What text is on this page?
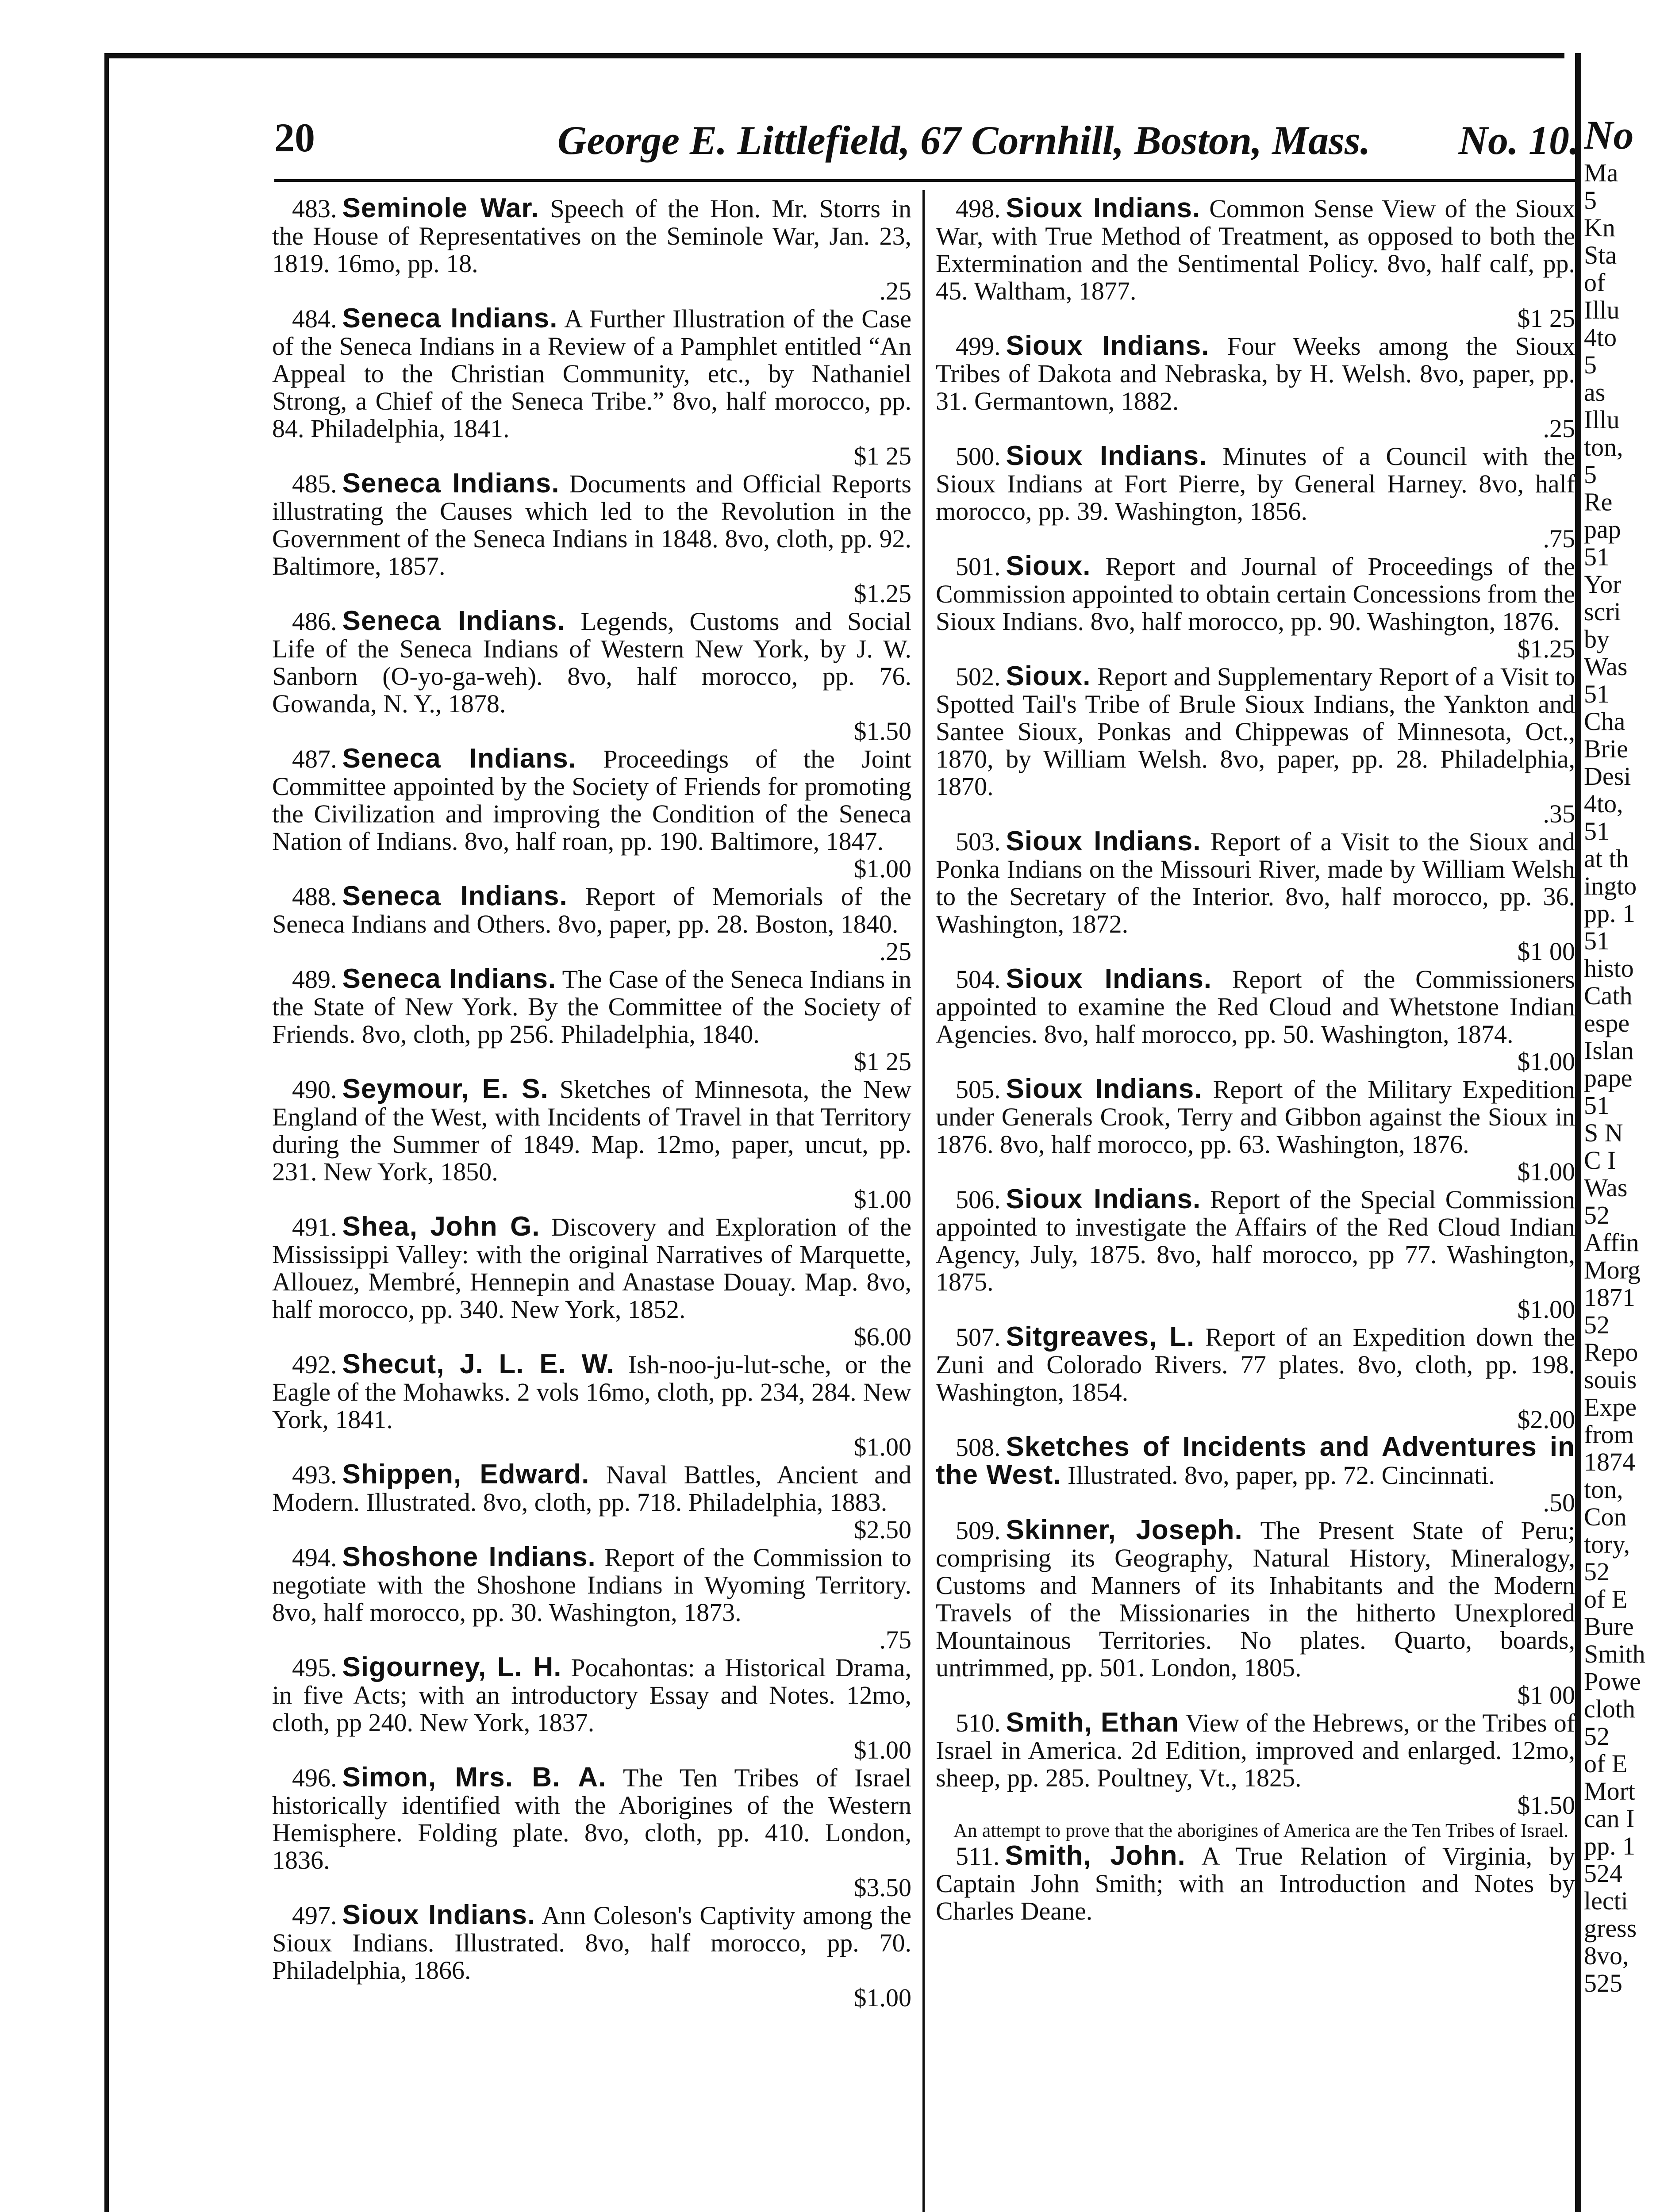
20	George E. Littlefield, 67 Cornhill, Boston, Mass. No. 10.

483. Seminole War. Speech of the Hon. Mr. Storrs in the House of Representatives on the Seminole War, Jan. 23, 1819. 16mo, pp. 18.
.25

484. Seneca Indians. A Further Illustration of the Case of the Seneca Indians in a Review of a Pamphlet entitled “An Appeal to the Christian Community, etc., by Nathaniel Strong, a Chief of the Seneca Tribe.” 8vo, half morocco, pp. 84. Philadelphia, 1841.
$1 25

485. Seneca Indians. Documents and Official Reports illustrating the Causes which led to the Revolution in the Government of the Seneca Indians in 1848. 8vo, cloth, pp. 92. Baltimore, 1857.
$1.25

486. Seneca Indians. Legends, Customs and Social Life of the Seneca Indians of Western New York, by J. W. Sanborn (O-yo-ga-weh). 8vo, half morocco, pp. 76. Gowanda, N. Y., 1878.
$1.50

487. Seneca Indians. Proceedings of the Joint Committee appointed by the Society of Friends for promoting the Civilization and improving the Condition of the Seneca Nation of Indians. 8vo, half roan, pp. 190. Baltimore, 1847.
$1.00

488. Seneca Indians. Report of Memorials of the Seneca Indians and Others. 8vo, paper, pp. 28. Boston, 1840.
.25

489. Seneca Indians. The Case of the Seneca Indians in the State of New York. By the Committee of the Society of Friends. 8vo, cloth, pp 256. Philadelphia, 1840.
$1 25

490. Seymour, E. S. Sketches of Minnesota, the New England of the West, with Incidents of Travel in that Territory during the Summer of 1849. Map. 12mo, paper, uncut, pp. 231. New York, 1850.
$1.00

491. Shea, John G. Discovery and Exploration of the Mississippi Valley: with the original Narratives of Marquette, Allouez, Membré, Hennepin and Anastase Douay. Map. 8vo, half morocco, pp. 340. New York, 1852.
$6.00

492. Shecut, J. L. E. W. Ish-noo-ju-lut-sche, or the Eagle of the Mohawks. 2 vols 16mo, cloth, pp. 234, 284. New York, 1841.
$1.00

493. Shippen, Edward. Naval Battles, Ancient and Modern. Illustrated. 8vo, cloth, pp. 718. Philadelphia, 1883.
$2.50

494. Shoshone Indians. Report of the Commission to negotiate with the Shoshone Indians in Wyoming Territory. 8vo, half morocco, pp. 30. Washington, 1873.
.75

495. Sigourney, L. H. Pocahontas: a Historical Drama, in five Acts; with an introductory Essay and Notes. 12mo, cloth, pp 240. New York, 1837.
$1.00

496. Simon, Mrs. B. A. The Ten Tribes of Israel historically identified with the Aborigines of the Western Hemisphere. Folding plate. 8vo, cloth, pp. 410. London, 1836.
$3.50

497. Sioux Indians. Ann Coleson's Captivity among the Sioux Indians. Illustrated. 8vo, half morocco, pp. 70. Philadelphia, 1866.
$1.00

498. Sioux Indians. Common Sense View of the Sioux War, with True Method of Treatment, as opposed to both the Extermination and the Sentimental Policy. 8vo, half calf, pp. 45. Waltham, 1877.
$1 25

499. Sioux Indians. Four Weeks among the Sioux Tribes of Dakota and Nebraska, by H. Welsh. 8vo, paper, pp. 31. Germantown, 1882.
.25

500. Sioux Indians. Minutes of a Council with the Sioux Indians at Fort Pierre, by General Harney. 8vo, half morocco, pp. 39. Washington, 1856.
.75

501. Sioux. Report and Journal of Proceedings of the Commission appointed to obtain certain Concessions from the Sioux Indians. 8vo, half morocco, pp. 90. Washington, 1876.
$1.25

502. Sioux. Report and Supplementary Report of a Visit to Spotted Tail's Tribe of Brule Sioux Indians, the Yankton and Santee Sioux, Ponkas and Chippewas of Minnesota, Oct., 1870, by William Welsh. 8vo, paper, pp. 28. Philadelphia, 1870.
.35

503. Sioux Indians. Report of a Visit to the Sioux and Ponka Indians on the Missouri River, made by William Welsh to the Secretary of the Interior. 8vo, half morocco, pp. 36. Washington, 1872.
$1 00

504. Sioux Indians. Report of the Commissioners appointed to examine the Red Cloud and Whetstone Indian Agencies. 8vo, half morocco, pp. 50. Washington, 1874.
$1.00

505. Sioux Indians. Report of the Military Expedition under Generals Crook, Terry and Gibbon against the Sioux in 1876. 8vo, half morocco, pp. 63. Washington, 1876.
$1.00

506. Sioux Indians. Report of the Special Commission appointed to investigate the Affairs of the Red Cloud Indian Agency, July, 1875. 8vo, half morocco, pp 77. Washington, 1875.
$1.00

507. Sitgreaves, L. Report of an Expedition down the Zuni and Colorado Rivers. 77 plates. 8vo, cloth, pp. 198. Washington, 1854.
$2.00

508. Sketches of Incidents and Adventures in the West. Illustrated. 8vo, paper, pp. 72. Cincinnati.
.50

509. Skinner, Joseph. The Present State of Peru; comprising its Geography, Natural History, Mineralogy, Customs and Manners of its Inhabitants and the Modern Travels of the Missionaries in the hitherto Unexplored Mountainous Territories. No plates. Quarto, boards, untrimmed, pp. 501. London, 1805.
$1 00

510. Smith, Ethan View of the Hebrews, or the Tribes of Israel in America. 2d Edition, improved and enlarged. 12mo, sheep, pp. 285. Poultney, Vt., 1825.
$1.50

An attempt to prove that the aborigines of America are the Ten Tribes of Israel.

511. Smith, John. A True Relation of Virginia, by Captain John Smith; with an Introduction and Notes by Charles Deane.

No
Ma
5
Kn
Sta
of
Illu
4to
5
as
Illu
ton,
5
Re
pap
51
Yor
scri
by
Was
51
Cha
Brie
Desi
4to,
51
at th
ingto
pp. 1
51
histo
Cath
espe
Islan
pape
51
S N
C I
Was
52
Affin
Morg
1871
52
Repo
souis
Expe
from
1874
ton,
Con
tory,
52
of E
Bure
Smith
Powe
cloth
52
of E
Mort
can I
pp. 1
524
lecti
gress
8vo,
525
